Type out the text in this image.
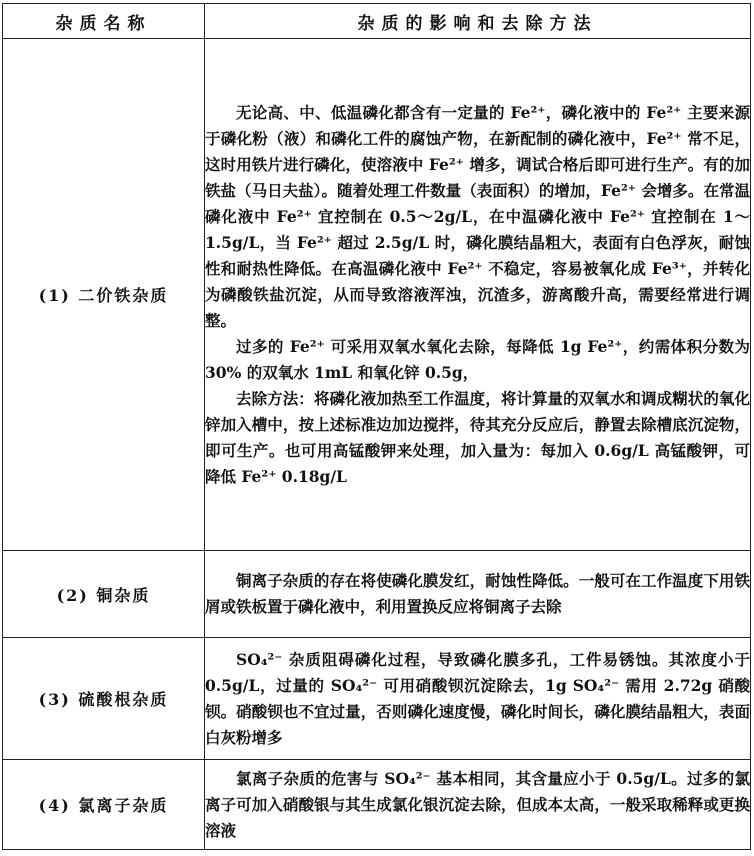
杂质名称	杂质的影响和去除方法
(1) 二价铁杂质	无论高、中、低温磷化都含有一定量的 Fe²⁺，磷化液中的 Fe²⁺ 主要来源于磷化粉（液）和磷化工件的腐蚀产物，在新配制的磷化液中，Fe²⁺ 常不足，这时用铁片进行磷化，使溶液中 Fe²⁺ 增多，调试合格后即可进行生产。有的加铁盐（马日夫盐）。随着处理工件数量（表面积）的增加，Fe²⁺ 会增多。在常温磷化液中 Fe²⁺ 宜控制在 0.5～2g/L，在中温磷化液中 Fe²⁺ 宜控制在 1～1.5g/L，当 Fe²⁺ 超过 2.5g/L 时，磷化膜结晶粗大，表面有白色浮灰，耐蚀性和耐热性降低。在高温磷化液中 Fe²⁺ 不稳定，容易被氧化成 Fe³⁺，并转化为磷酸铁盐沉淀，从而导致溶液浑浊，沉渣多，游离酸升高，需要经常进行调整。

过多的 Fe²⁺ 可采用双氧水氧化去除，每降低 1g Fe²⁺，约需体积分数为 30% 的双氧水 1mL 和氧化锌 0.5g，

去除方法：将磷化液加热至工作温度，将计算量的双氧水和调成糊状的氧化锌加入槽中，按上述标准边加边搅拌，待其充分反应后，静置去除槽底沉淀物，即可生产。也可用高锰酸钾来处理，加入量为：每加入 0.6g/L 高锰酸钾，可降低 Fe²⁺ 0.18g/L

(2) 铜杂质	铜离子杂质的存在将使磷化膜发红，耐蚀性降低。一般可在工作温度下用铁屑或铁板置于磷化液中，利用置换反应将铜离子去除

(3) 硫酸根杂质	SO₄²⁻ 杂质阻碍磷化过程，导致磷化膜多孔，工件易锈蚀。其浓度小于 0.5g/L，过量的 SO₄²⁻ 可用硝酸钡沉淀除去，1g SO₄²⁻ 需用 2.72g 硝酸钡。硝酸钡也不宜过量，否则磷化速度慢，磷化时间长，磷化膜结晶粗大，表面白灰粉增多

(4) 氯离子杂质	氯离子杂质的危害与 SO₄²⁻ 基本相同，其含量应小于 0.5g/L。过多的氯离子可加入硝酸银与其生成氯化银沉淀去除，但成本太高，一般采取稀释或更换溶液
